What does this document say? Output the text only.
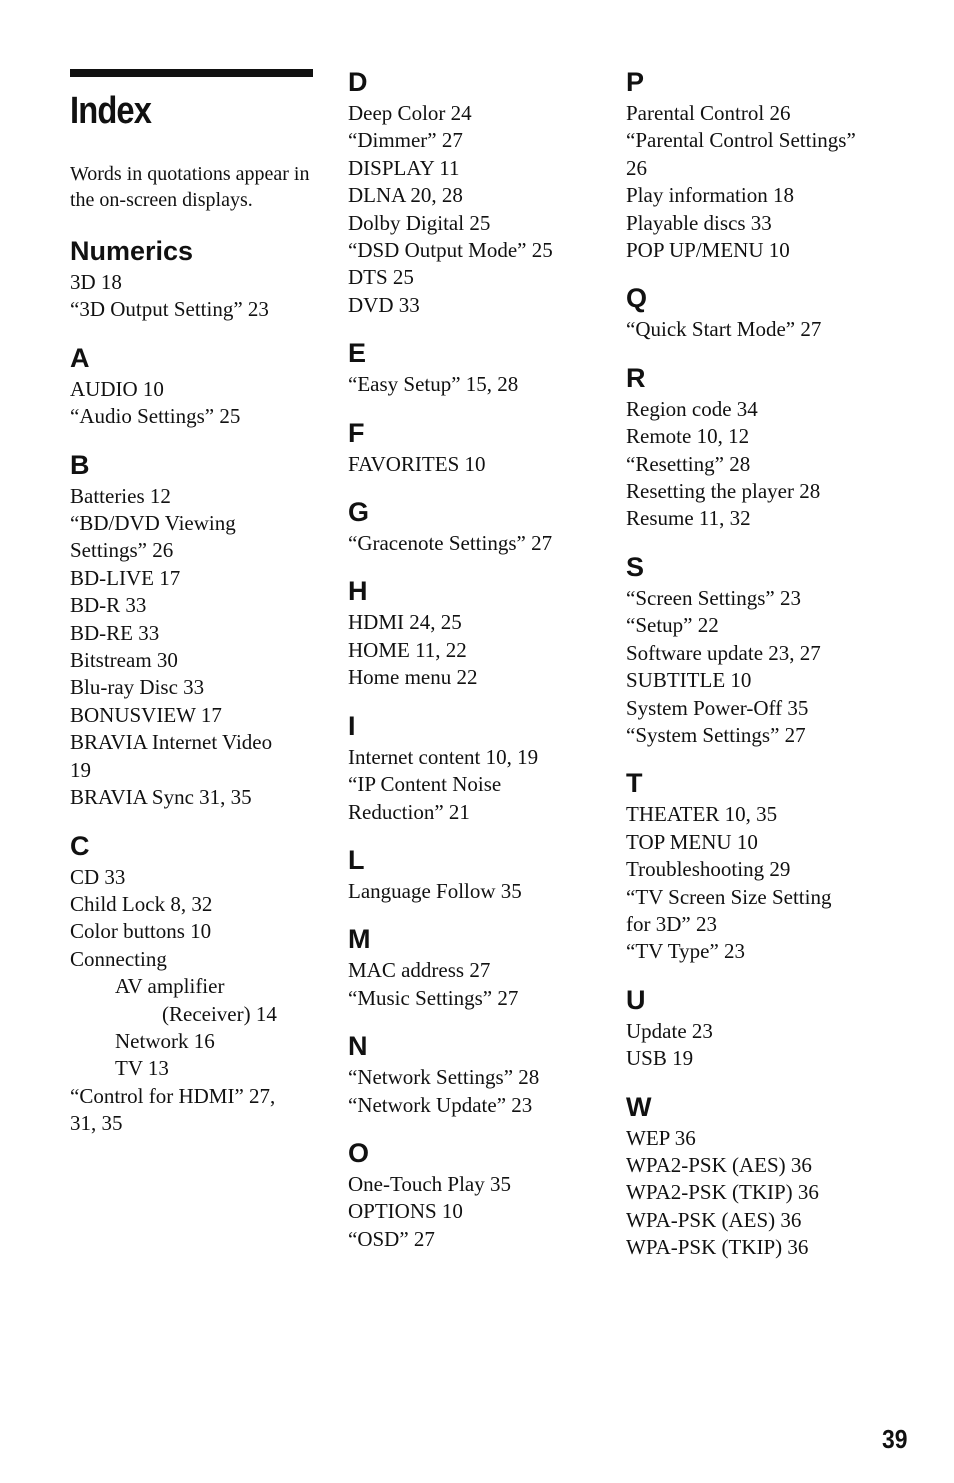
Index

Words in quotations appear in the on-screen displays.

Numerics
3D 18
“3D Output Setting” 23
A
AUDIO 10
“Audio Settings” 25
B
Batteries 12
“BD/DVD Viewing
Settings” 26
BD-LIVE 17
BD-R 33
BD-RE 33
Bitstream 30
Blu-ray Disc 33
BONUSVIEW 17
BRAVIA Internet Video
19
BRAVIA Sync 31, 35
C
CD 33
Child Lock 8, 32
Color buttons 10
Connecting
AV amplifier
(Receiver) 14
Network 16
TV 13
“Control for HDMI” 27,
31, 35
D
Deep Color 24
“Dimmer” 27
DISPLAY 11
DLNA 20, 28
Dolby Digital 25
“DSD Output Mode” 25
DTS 25
DVD 33
E
“Easy Setup” 15, 28
F
FAVORITES 10
G
“Gracenote Settings” 27
H
HDMI 24, 25
HOME 11, 22
Home menu 22
I
Internet content 10, 19
“IP Content Noise
Reduction” 21
L
Language Follow 35
M
MAC address 27
“Music Settings” 27
N
“Network Settings” 28
“Network Update” 23
O
One-Touch Play 35
OPTIONS 10
“OSD” 27
P
Parental Control 26
“Parental Control Settings”
26
Play information 18
Playable discs 33
POP UP/MENU 10
Q
“Quick Start Mode” 27
R
Region code 34
Remote 10, 12
“Resetting” 28
Resetting the player 28
Resume 11, 32
S
“Screen Settings” 23
“Setup” 22
Software update 23, 27
SUBTITLE 10
System Power-Off 35
“System Settings” 27
T
THEATER 10, 35
TOP MENU 10
Troubleshooting 29
“TV Screen Size Setting
for 3D” 23
“TV Type” 23
U
Update 23
USB 19
W
WEP 36
WPA2-PSK (AES) 36
WPA2-PSK (TKIP) 36
WPA-PSK (AES) 36
WPA-PSK (TKIP) 36
39
